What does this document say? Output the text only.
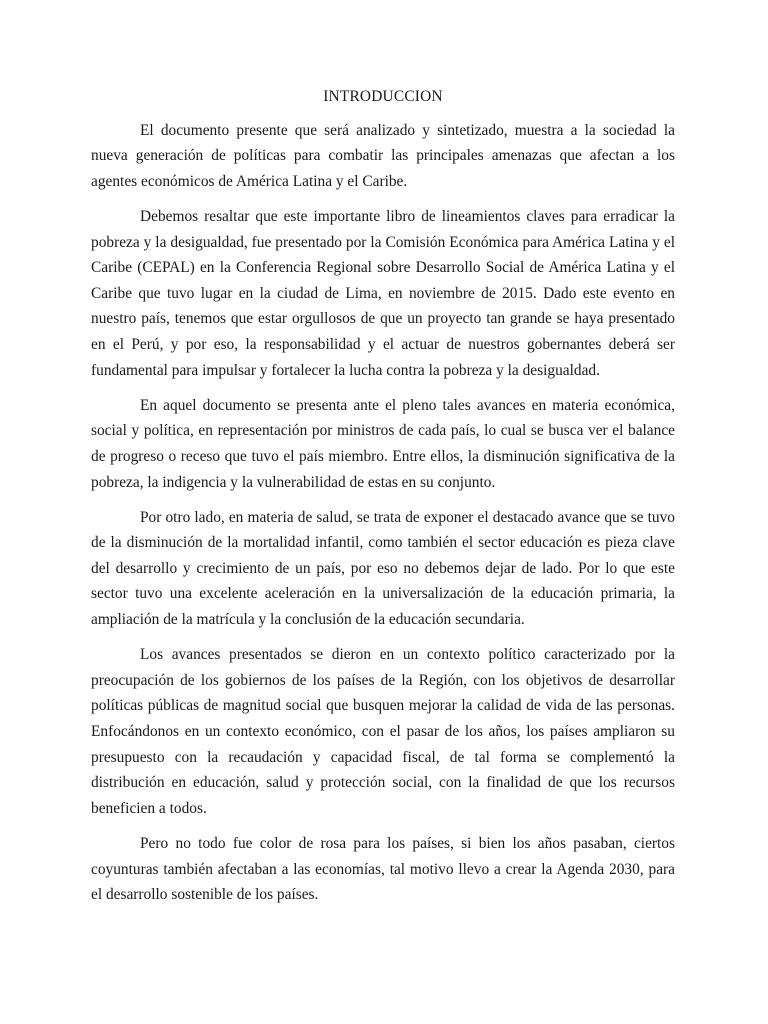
INTRODUCCION

El documento presente que será analizado y sintetizado, muestra a la sociedad la nueva generación de políticas para combatir las principales amenazas que afectan a los agentes económicos de América Latina y el Caribe.

Debemos resaltar que este importante libro de lineamientos claves para erradicar la pobreza y la desigualdad, fue presentado por la Comisión Económica para América Latina y el Caribe (CEPAL) en la Conferencia Regional sobre Desarrollo Social de América Latina y el Caribe que tuvo lugar en la ciudad de Lima, en noviembre de 2015. Dado este evento en nuestro país, tenemos que estar orgullosos de que un proyecto tan grande se haya presentado en el Perú, y por eso, la responsabilidad y el actuar de nuestros gobernantes deberá ser fundamental para impulsar y fortalecer la lucha contra la pobreza y la desigualdad.

En aquel documento se presenta ante el pleno tales avances en materia económica, social y política, en representación por ministros de cada país, lo cual se busca ver el balance de progreso o receso que tuvo el país miembro. Entre ellos, la disminución significativa de la pobreza, la indigencia y la vulnerabilidad de estas en su conjunto.

Por otro lado, en materia de salud, se trata de exponer el destacado avance que se tuvo de la disminución de la mortalidad infantil, como también el sector educación es pieza clave del desarrollo y crecimiento de un país, por eso no debemos dejar de lado. Por lo que este sector tuvo una excelente aceleración en la universalización de la educación primaria, la ampliación de la matrícula y la conclusión de la educación secundaria.

Los avances presentados se dieron en un contexto político caracterizado por la preocupación de los gobiernos de los países de la Región, con los objetivos de desarrollar políticas públicas de magnitud social que busquen mejorar la calidad de vida de las personas. Enfocándonos en un contexto económico, con el pasar de los años, los países ampliaron su presupuesto con la recaudación y capacidad fiscal, de tal forma se complementó la distribución en educación, salud y protección social, con la finalidad de que los recursos beneficien a todos.

Pero no todo fue color de rosa para los países, si bien los años pasaban, ciertos coyunturas también afectaban a las economías, tal motivo llevo a crear la Agenda 2030, para el desarrollo sostenible de los países.
